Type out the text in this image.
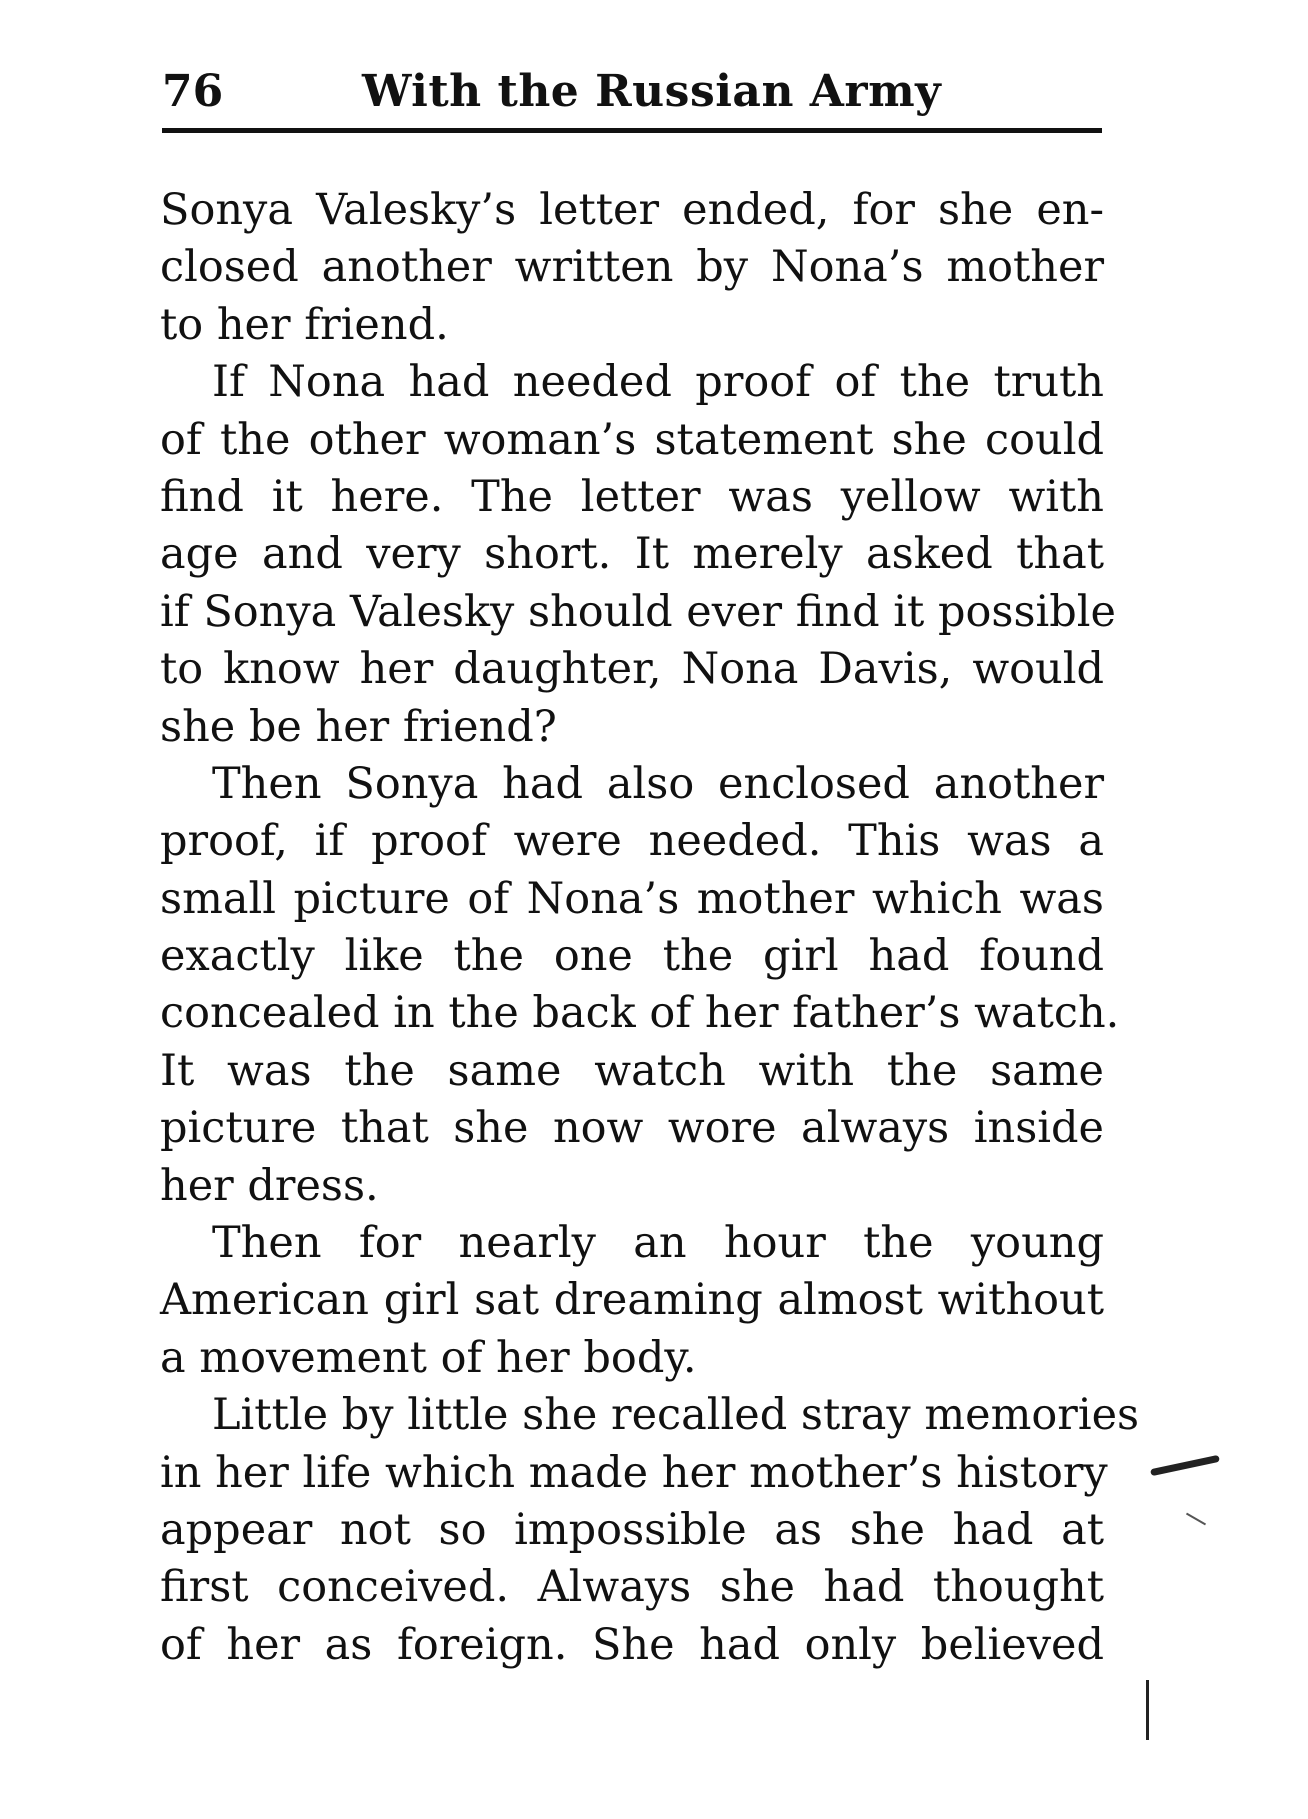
76	With the Russian Army
Sonya Valesky’s letter ended, for she en-
closed another written by Nona’s mother
to her friend.
If Nona had needed proof of the truth
of the other woman’s statement she could
find it here. The letter was yellow with
age and very short. It merely asked that
if Sonya Valesky should ever find it possible
to know her daughter, Nona Davis, would
she be her friend?
Then Sonya had also enclosed another
proof, if proof were needed. This was a
small picture of Nona’s mother which was
exactly like the one the girl had found
concealed in the back of her father’s watch.
It was the same watch with the same
picture that she now wore always inside
her dress.
Then for nearly an hour the young
American girl sat dreaming almost without
a movement of her body.
Little by little she recalled stray memories
in her life which made her mother’s history
appear not so impossible as she had at
first conceived. Always she had thought
of her as foreign. She had only believed
